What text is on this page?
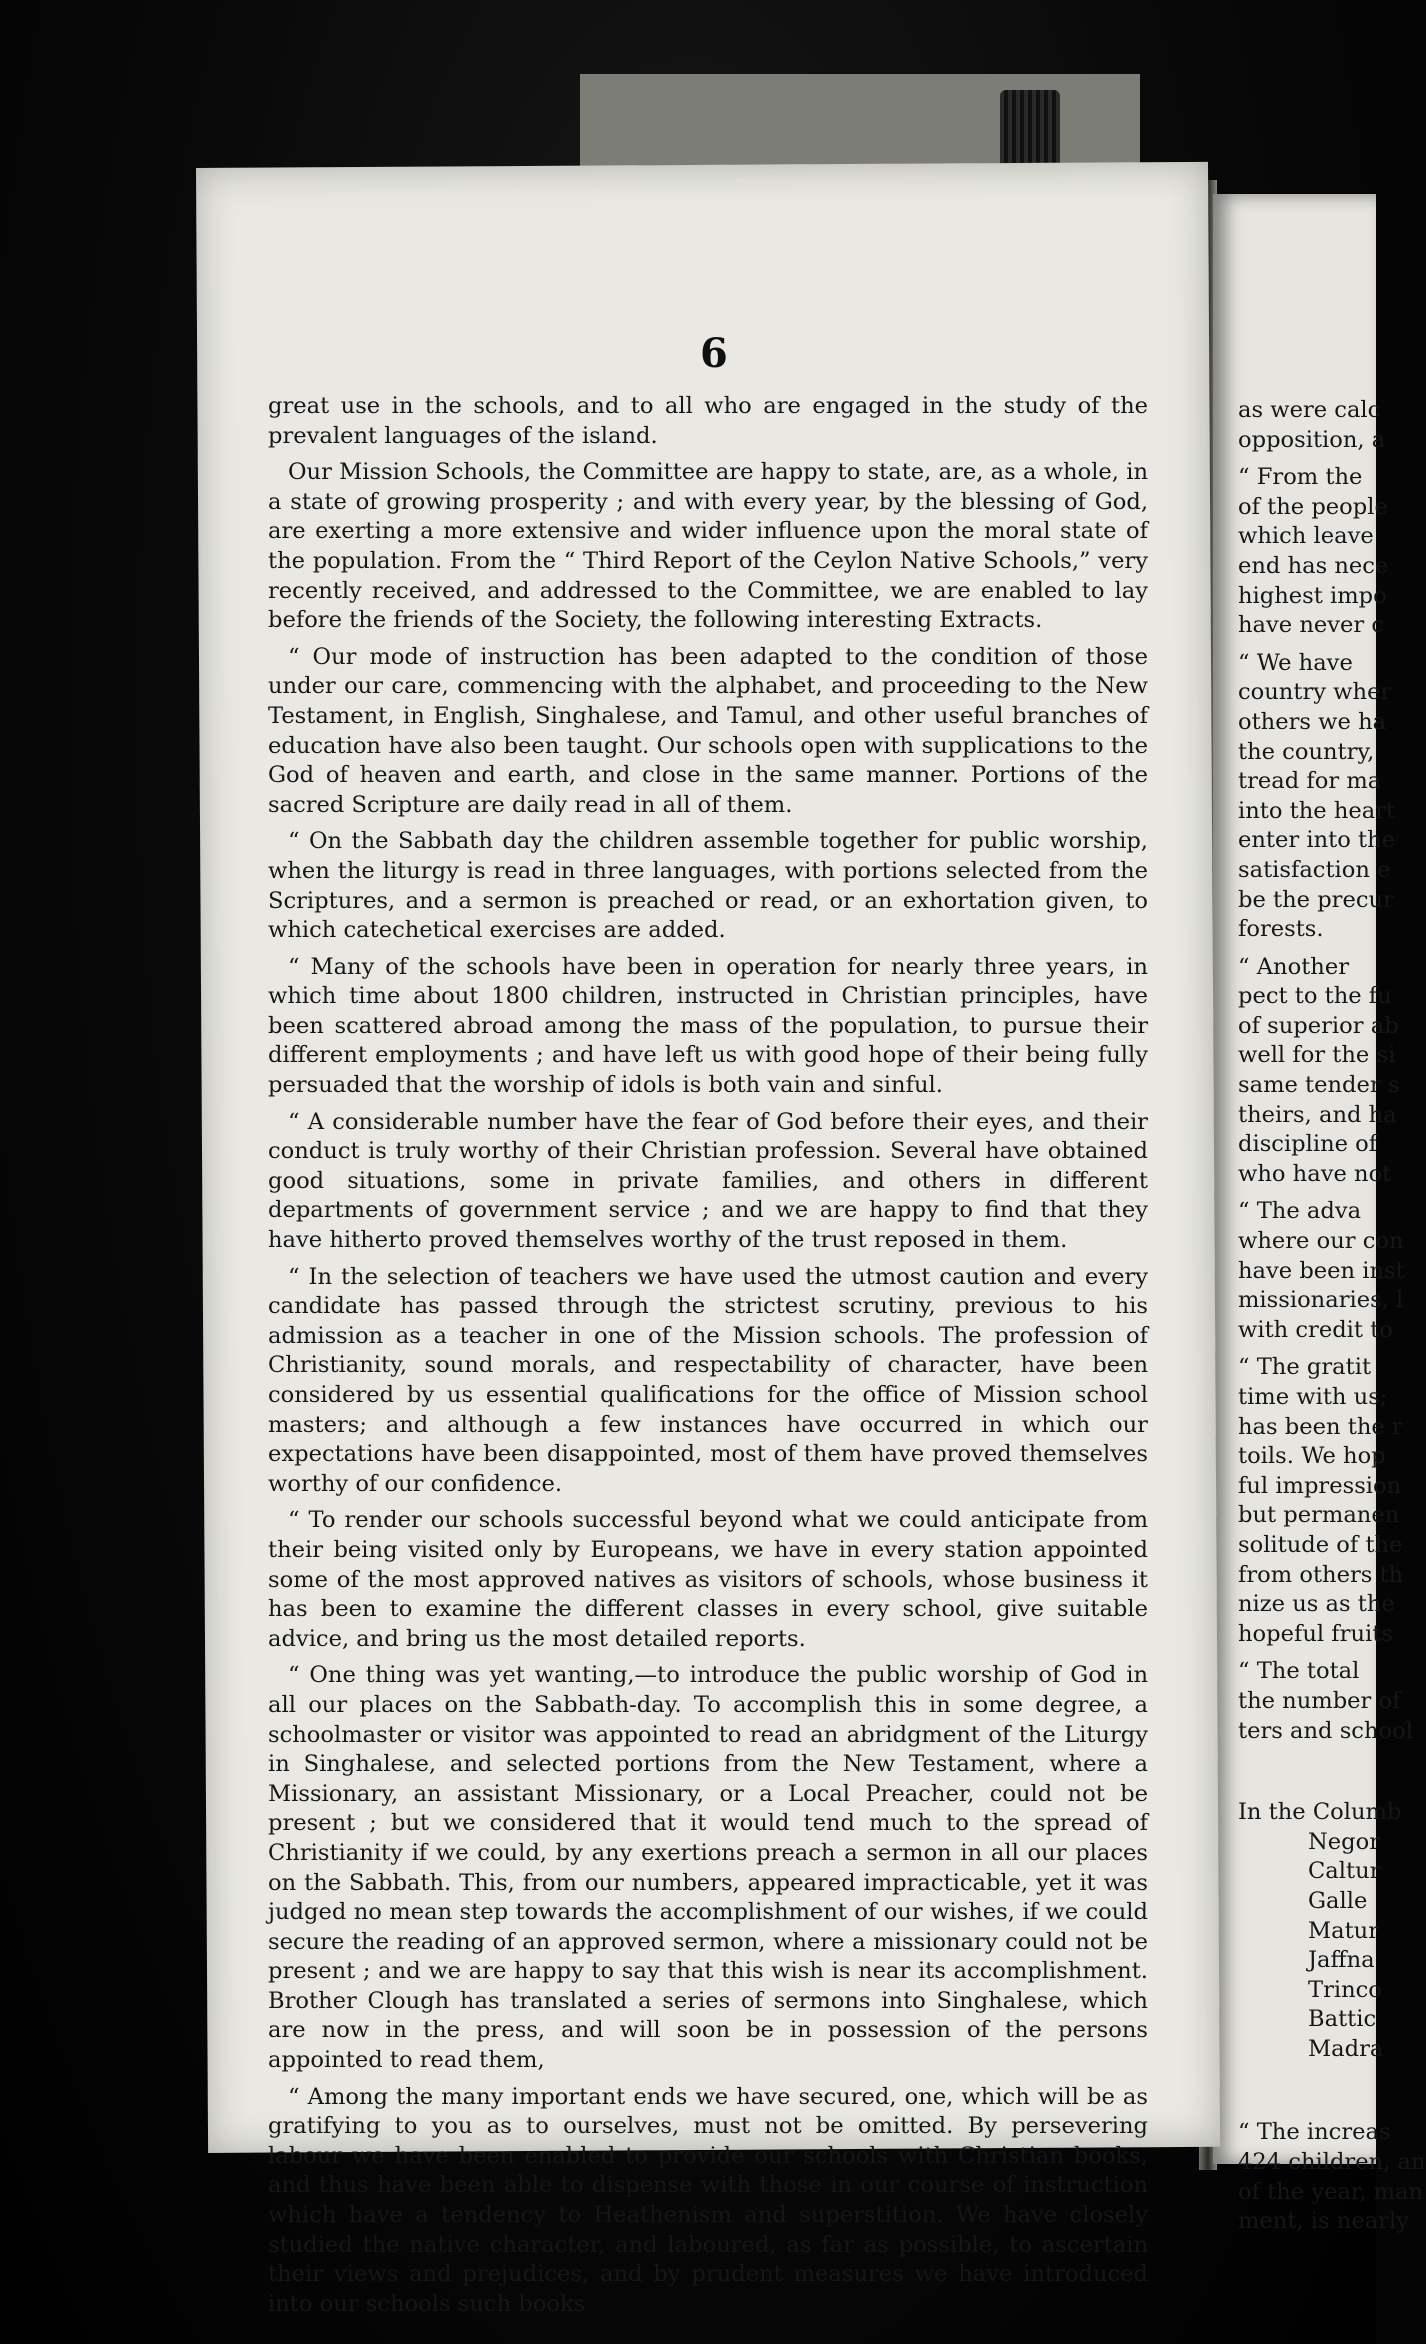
6

great use in the schools, and to all who are engaged in the study of the prevalent languages of the island.

Our Mission Schools, the Committee are happy to state, are, as a whole, in a state of growing prosperity ; and with every year, by the blessing of God, are exerting a more extensive and wider influence upon the moral state of the population. From the “ Third Report of the Ceylon Native Schools,” very recently received, and addressed to the Committee, we are enabled to lay before the friends of the Society, the following interesting Extracts.

“ Our mode of instruction has been adapted to the condition of those under our care, commencing with the alphabet, and proceeding to the New Testament, in English, Singhalese, and Tamul, and other useful branches of education have also been taught. Our schools open with supplications to the God of heaven and earth, and close in the same manner. Portions of the sacred Scripture are daily read in all of them.

“ On the Sabbath day the children assemble together for public worship, when the liturgy is read in three languages, with portions selected from the Scriptures, and a sermon is preached or read, or an exhortation given, to which catechetical exercises are added.

“ Many of the schools have been in operation for nearly three years, in which time about 1800 children, instructed in Christian principles, have been scattered abroad among the mass of the population, to pursue their different employments ; and have left us with good hope of their being fully persuaded that the worship of idols is both vain and sinful.

“ A considerable number have the fear of God before their eyes, and their conduct is truly worthy of their Christian profession. Several have obtained good situations, some in private families, and others in different departments of government service ; and we are happy to find that they have hitherto proved themselves worthy of the trust reposed in them.

“ In the selection of teachers we have used the utmost caution and every candidate has passed through the strictest scrutiny, previous to his admission as a teacher in one of the Mission schools. The profession of Christianity, sound morals, and respectability of character, have been considered by us essential qualifications for the office of Mission school masters; and although a few instances have occurred in which our expectations have been disappointed, most of them have proved themselves worthy of our confidence.

“ To render our schools successful beyond what we could anticipate from their being visited only by Europeans, we have in every station appointed some of the most approved natives as visitors of schools, whose business it has been to examine the different classes in every school, give suitable advice, and bring us the most detailed reports.

“ One thing was yet wanting,—to introduce the public worship of God in all our places on the Sabbath-day. To accomplish this in some degree, a schoolmaster or visitor was appointed to read an abridgment of the Liturgy in Singhalese, and selected portions from the New Testament, where a Missionary, an assistant Missionary, or a Local Preacher, could not be present ; but we considered that it would tend much to the spread of Christianity if we could, by any exertions preach a sermon in all our places on the Sabbath. This, from our numbers, appeared impracticable, yet it was judged no mean step towards the accomplishment of our wishes, if we could secure the reading of an approved sermon, where a missionary could not be present ; and we are happy to say that this wish is near its accomplishment. Brother Clough has translated a series of sermons into Singhalese, which are now in the press, and will soon be in possession of the persons appointed to read them,

“ Among the many important ends we have secured, one, which will be as gratifying to you as to ourselves, must not be omitted. By persevering labour we have been enabled to provide our schools with Christian books, and thus have been able to dispense with those in our course of instruction which have a tendency to Heathenism and superstition. We have closely studied the native character, and laboured, as far as possible, to ascertain their views and prejudices, and by prudent measures we have introduced into our schools such books

as were calc
opposition, a
“ From the
of the people
which leave
end has nece
highest impo
have never c
“ We have
country wher
others we ha
the country,
tread for ma
into the heart
enter into the
satisfaction e
be the precur
forests.
“ Another
pect to the fu
of superior ab
well for the si
same tender s
theirs, and ha
discipline of
who have not
“ The adva
where our con
have been inst
missionaries, l
with credit to
“ The gratit
time with us;
has been the r
toils. We hop
ful impression
but permanen
solitude of the
from others th
nize us as the
hopeful fruits
“ The total
the number of
ters and school
In the Columb
Negor
Caltur
Galle
Matur
Jaffna
Trinco
Battic
Madra
“ The increas
424 children, an
of the year, man
ment, is nearly
